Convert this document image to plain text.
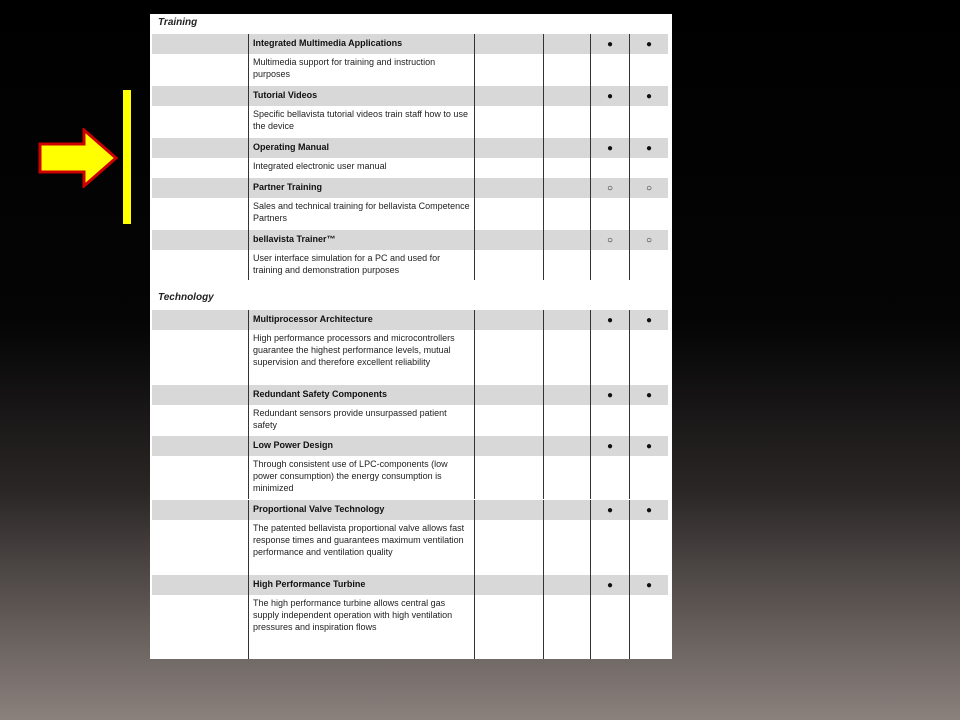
Training
Integrated Multimedia Applications	●	●
Multimedia support for training and instruction purposes
Tutorial Videos	●	●
Specific bellavista tutorial videos train staff how to use the device
Operating Manual	●	●
Integrated electronic user manual
Partner Training	○	○
Sales and technical training for bellavista Competence Partners
bellavista Trainer™	○	○
User interface simulation for a PC and used for training and demonstration purposes
Technology
Multiprocessor Architecture	●	●
High performance processors and microcontrollers guarantee the highest performance levels, mutual supervision and therefore excellent reliability
Redundant Safety Components	●	●
Redundant sensors provide unsurpassed patient safety
Low Power Design	●	●
Through consistent use of LPC-components (low power consumption) the energy consumption is minimized
Proportional Valve Technology	●	●
The patented bellavista proportional valve allows fast response times and guarantees maximum ventilation performance and ventilation quality
High Performance Turbine	●	●
The high performance turbine allows central gas supply independent operation with high ventilation pressures and inspiration flows
